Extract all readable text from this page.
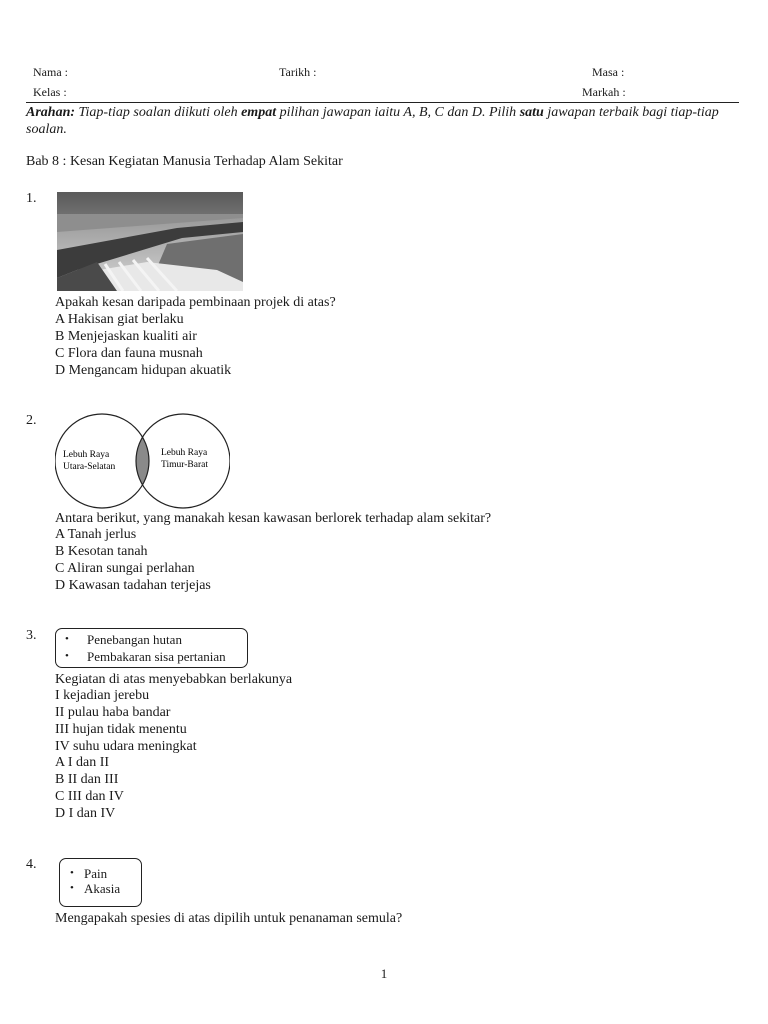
Nama :	Tarikh :	Masa :
Kelas :	Markah :
Arahan: Tiap-tiap soalan diikuti oleh empat pilihan jawapan iaitu A, B, C dan D. Pilih satu jawapan terbaik bagi tiap-tiap soalan.
Bab 8 : Kesan Kegiatan Manusia Terhadap Alam Sekitar
1.
Apakah kesan daripada pembinaan projek di atas?
A Hakisan giat berlaku
B Menjejaskan kualiti air
C Flora dan fauna musnah
D Mengancam hidupan akuatik
2.
Lebuh Raya
Utara-Selatan
Lebuh Raya
Timur-Barat
Antara berikut, yang manakah kesan kawasan berlorek terhadap alam sekitar?
A Tanah jerlus
B Kesotan tanah
C Aliran sungai perlahan
D Kawasan tadahan terjejas
3.	• Penebangan hutan
• Pembakaran sisa pertanian
Kegiatan di atas menyebabkan berlakunya
I kejadian jerebu
II pulau haba bandar
III hujan tidak menentu
IV suhu udara meningkat
A I dan II
B II dan III
C III dan IV
D I dan IV
4.
• Pain
• Akasia
Mengapakah spesies di atas dipilih untuk penanaman semula?
1
